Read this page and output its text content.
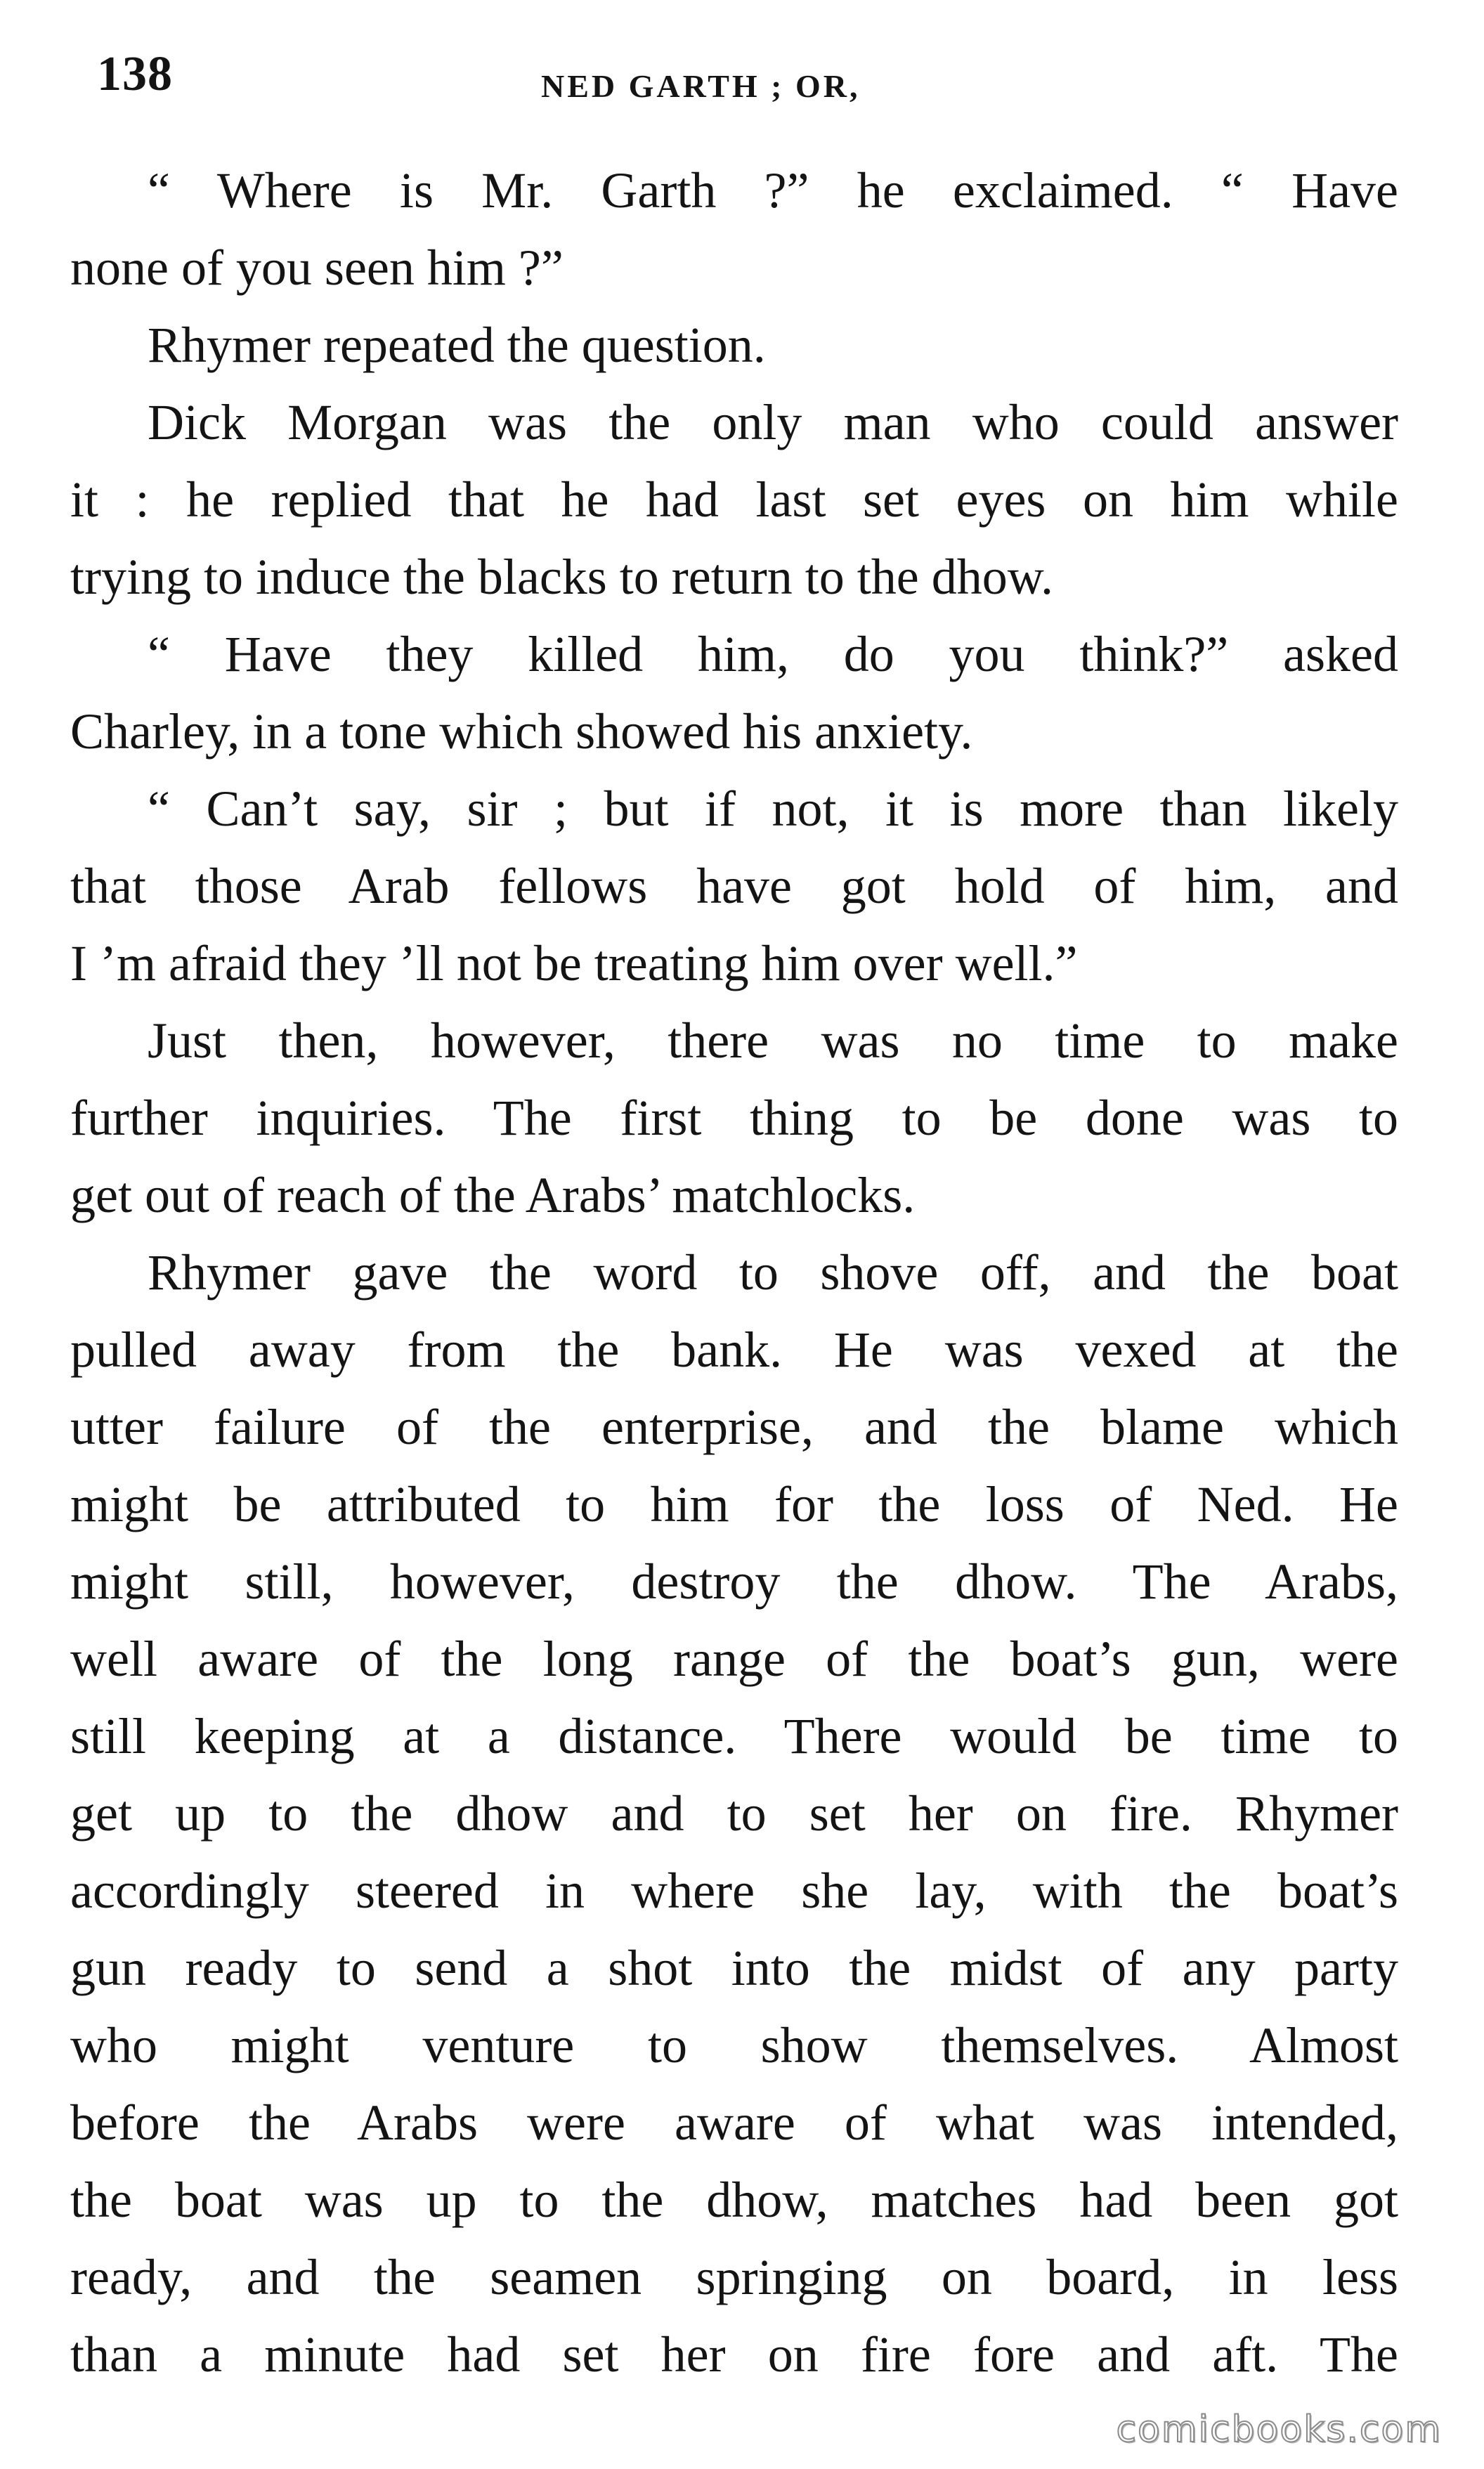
138	NED GARTH ; OR,
“ Where is Mr. Garth ?” he exclaimed. “ Have
none of you seen him ?”
Rhymer repeated the question.
Dick Morgan was the only man who could answer
it : he replied that he had last set eyes on him while
trying to induce the blacks to return to the dhow.
“ Have they killed him, do you think?” asked
Charley, in a tone which showed his anxiety.
“ Can’t say, sir ; but if not, it is more than likely
that those Arab fellows have got hold of him, and
I ’m afraid they ’ll not be treating him over well.”
Just then, however, there was no time to make
further inquiries. The first thing to be done was to
get out of reach of the Arabs’ matchlocks.
Rhymer gave the word to shove off, and the boat
pulled away from the bank. He was vexed at the
utter failure of the enterprise, and the blame which
might be attributed to him for the loss of Ned. He
might still, however, destroy the dhow. The Arabs,
well aware of the long range of the boat’s gun, were
still keeping at a distance. There would be time to
get up to the dhow and to set her on fire. Rhymer
accordingly steered in where she lay, with the boat’s
gun ready to send a shot into the midst of any party
who might venture to show themselves. Almost
before the Arabs were aware of what was intended,
the boat was up to the dhow, matches had been got
ready, and the seamen springing on board, in less
than a minute had set her on fire fore and aft. The
comicbooks.com
